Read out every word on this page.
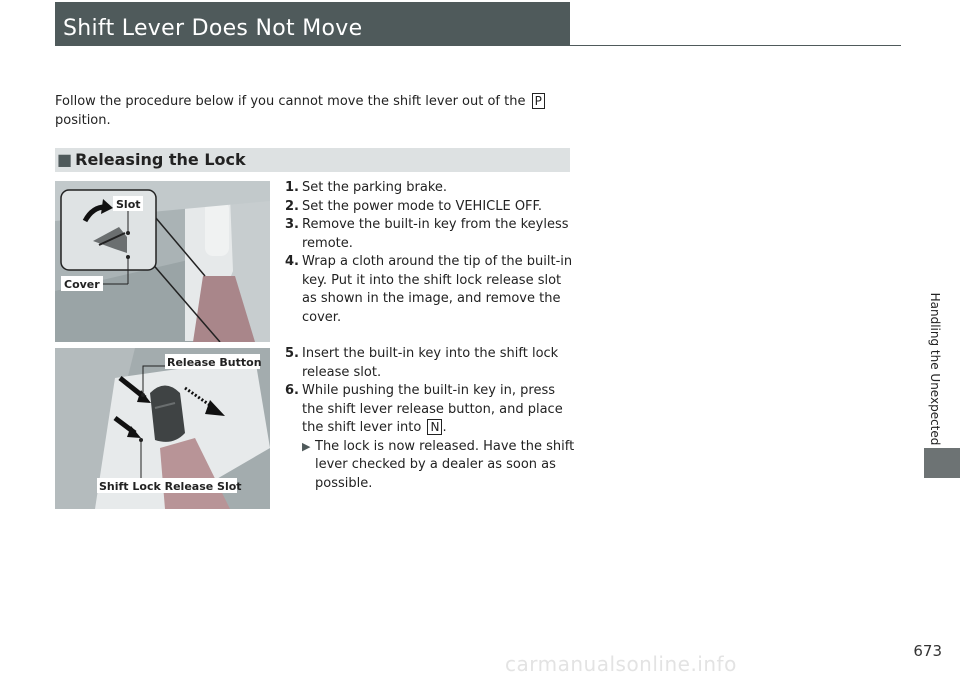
Shift Lever Does Not Move
Follow the procedure below if you cannot move the shift lever out of the P
position.
■ Releasing the Lock
Slot
Cover
1. Set the parking brake.
2. Set the power mode to VEHICLE OFF.
3. Remove the built-in key from the keyless remote.
4. Wrap a cloth around the tip of the built-in key. Put it into the shift lock release slot as shown in the image, and remove the cover.
Release Button
Shift Lock Release Slot
5. Insert the built-in key into the shift lock release slot.
6. While pushing the built-in key in, press the shift lever release button, and place the shift lever into N .
▶ The lock is now released. Have the shift lever checked by a dealer as soon as possible.
Handling the Unexpected
carmanualsonline.info
673
